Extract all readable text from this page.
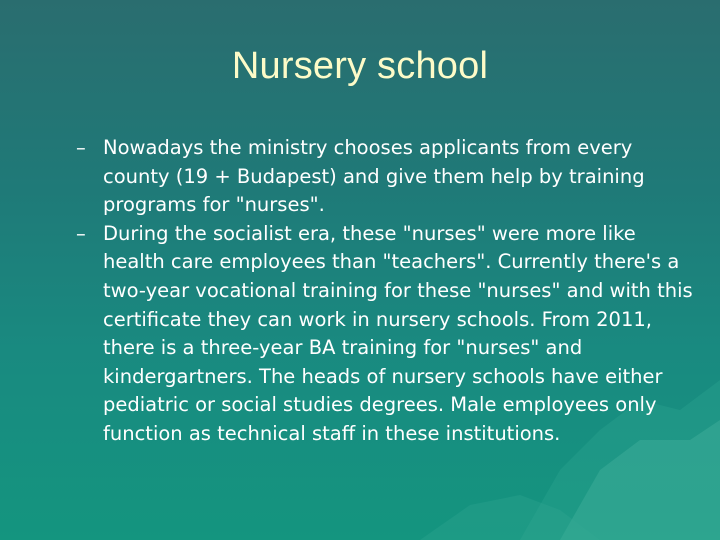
Nursery school
– Nowadays the ministry chooses applicants from every county (19 + Budapest) and give them help by training programs for "nurses".
– During the socialist era, these "nurses" were more like health care employees than "teachers". Currently there's a two-year vocational training for these "nurses" and with this certificate they can work in nursery schools. From 2011, there is a three-year BA training for "nurses" and kindergartners. The heads of nursery schools have either pediatric or social studies degrees. Male employees only function as technical staff in these institutions.
